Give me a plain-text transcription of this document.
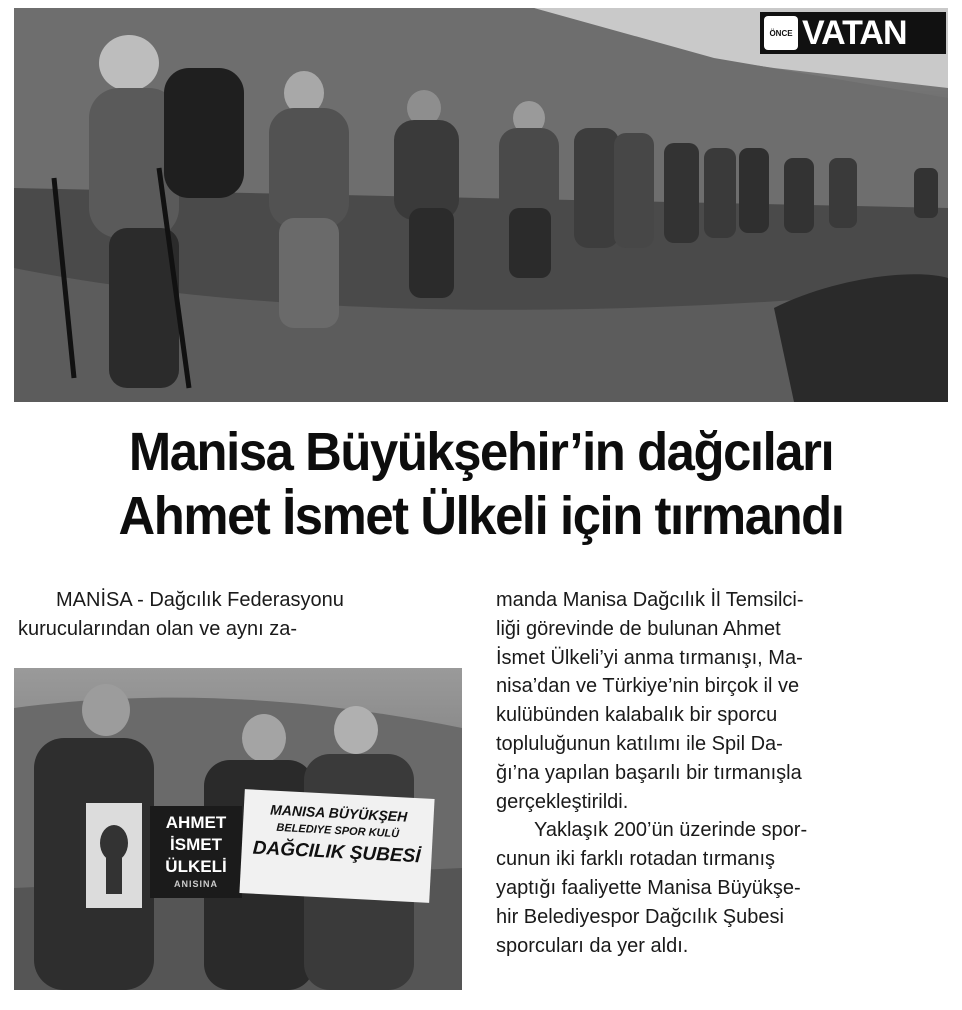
ÖNCE VATAN
Manisa Büyükşehir’in dağcıları
Ahmet İsmet Ülkeli için tırmandı
MANİSA - Dağcılık Federasyonu
kurucularından olan ve aynı za-
AHMET
İSMET
ÜLKELİ
ANISINA
MANISA BÜYÜKŞEH
BELEDIYE SPOR KULÜ
DAĞCILIK ŞUBESİ
manda Manisa Dağcılık İl Temsilci-
liği görevinde de bulunan Ahmet
İsmet Ülkeli’yi anma tırmanışı, Ma-
nisa’dan ve Türkiye’nin birçok il ve
kulübünden kalabalık bir sporcu
topluluğunun katılımı ile Spil Da-
ğı’na yapılan başarılı bir tırmanışla
gerçekleştirildi.
Yaklaşık 200’ün üzerinde spor-
cunun iki farklı rotadan tırmanış
yaptığı faaliyette Manisa Büyükşe-
hir Belediyespor Dağcılık Şubesi
sporcuları da yer aldı.
